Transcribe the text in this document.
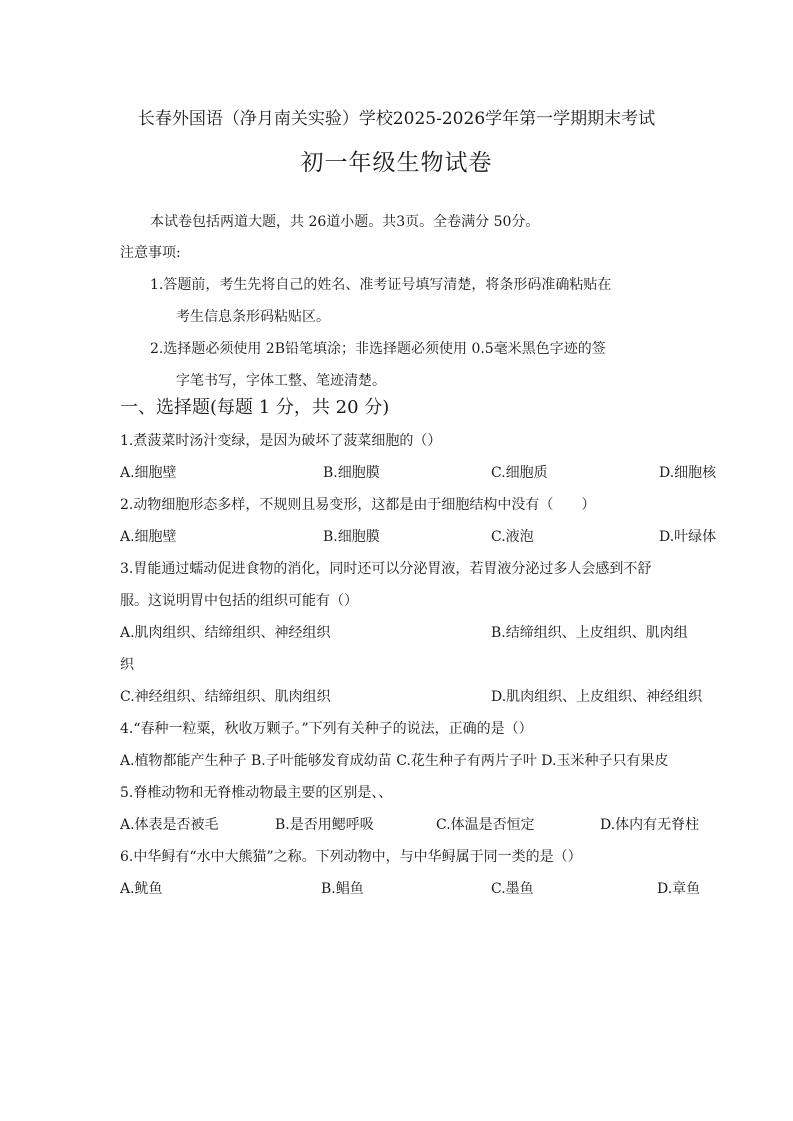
长春外国语（净月南关实验）学校2025-2026学年第一学期期末考试
初一年级生物试卷
本试卷包括两道大题，共 26道小题。共3页。全卷满分 50分。
注意事项:
1.答题前，考生先将自己的姓名、准考证号填写清楚，将条形码准确粘贴在
考生信息条形码粘贴区。
2.选择题必须使用 2B铅笔填涂；非选择题必须使用 0.5毫米黑色字迹的签
字笔书写，字体工整、笔迹清楚。
一、选择题(每题 1 分，共 20 分)
1.煮菠菜时汤汁变绿，是因为破坏了菠菜细胞的（）
A.细胞壁	B.细胞膜	C.细胞质	D.细胞核
2.动物细胞形态多样，不规则且易变形，这都是由于细胞结构中没有（　　）
A.细胞壁	B.细胞膜	C.液泡	D.叶绿体
3.胃能通过蠕动促进食物的消化，同时还可以分泌胃液，若胃液分泌过多人会感到不舒
服。这说明胃中包括的组织可能有（）
A.肌肉组织、结缔组织、神经组织	B.结缔组织、上皮组织、肌肉组
织
C.神经组织、结缔组织、肌肉组织	D.肌肉组织、上皮组织、神经组织
4.“春种一粒粟，秋收万颗子。”下列有关种子的说法，正确的是（）
A.植物都能产生种子 B.子叶能够发育成幼苗 C.花生种子有两片子叶 D.玉米种子只有果皮
5.脊椎动物和无脊椎动物最主要的区别是、、
A.体表是否被毛	B.是否用鳃呼吸	C.体温是否恒定	D.体内有无脊柱
6.中华鲟有“水中大熊猫”之称。下列动物中，与中华鲟属于同一类的是（）
A.鱿鱼	B.鲳鱼	C.墨鱼	D.章鱼
